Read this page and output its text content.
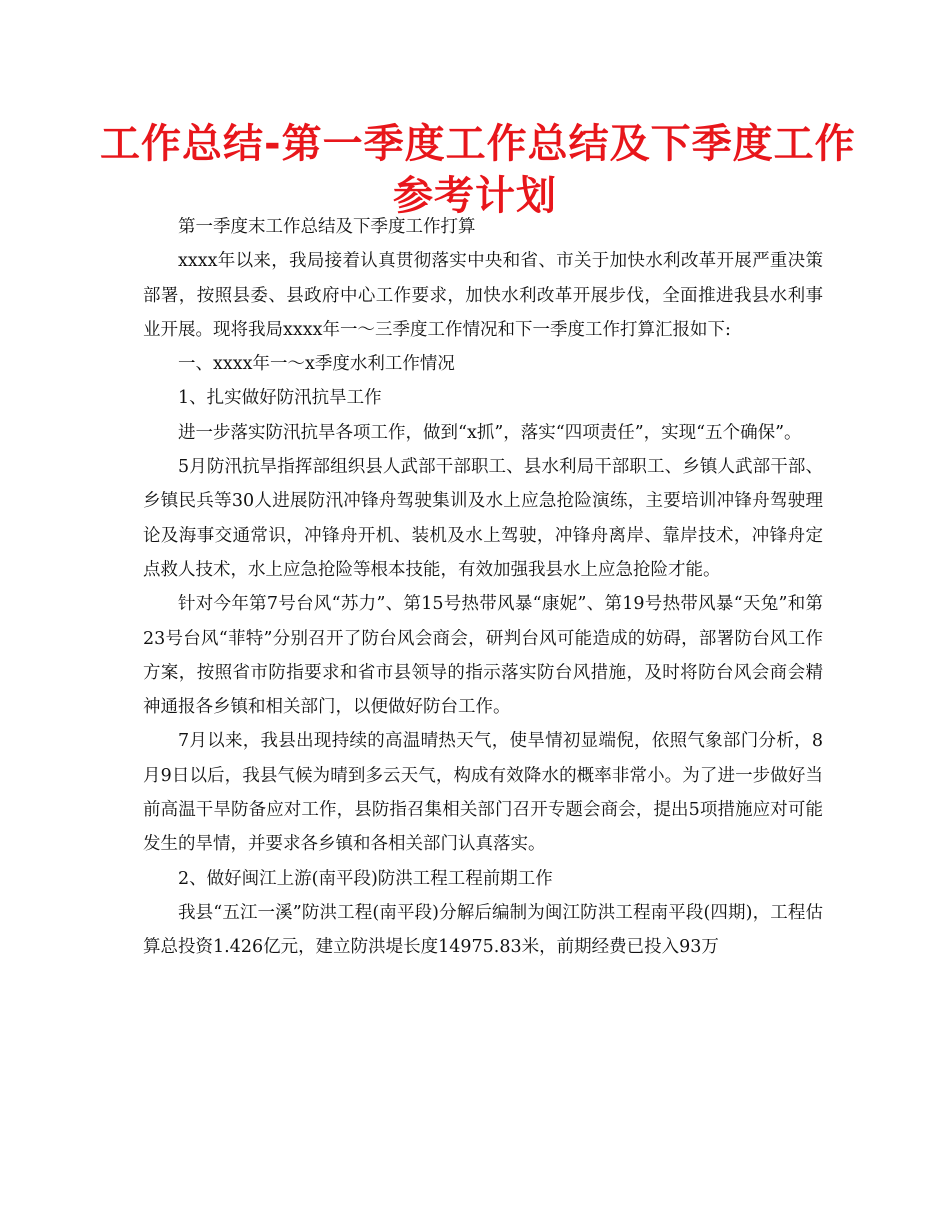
工作总结-第一季度工作总结及下季度工作
参考计划

第一季度末工作总结及下季度工作打算

xxxx年以来，我局接着认真贯彻落实中央和省、市关于加快水利改革开展严重决策部署，按照县委、县政府中心工作要求，加快水利改革开展步伐，全面推进我县水利事业开展。现将我局xxxx年一～三季度工作情况和下一季度工作打算汇报如下:

一、xxxx年一～x季度水利工作情况

1、扎实做好防汛抗旱工作

进一步落实防汛抗旱各项工作，做到“x抓”，落实“四项责任”，实现“五个确保”。

5月防汛抗旱指挥部组织县人武部干部职工、县水利局干部职工、乡镇人武部干部、乡镇民兵等30人进展防汛冲锋舟驾驶集训及水上应急抢险演练，主要培训冲锋舟驾驶理论及海事交通常识，冲锋舟开机、装机及水上驾驶，冲锋舟离岸、靠岸技术，冲锋舟定点救人技术，水上应急抢险等根本技能，有效加强我县水上应急抢险才能。

针对今年第7号台风“苏力”、第15号热带风暴“康妮”、第19号热带风暴“天兔”和第23号台风“菲特”分别召开了防台风会商会，研判台风可能造成的妨碍，部署防台风工作方案，按照省市防指要求和省市县领导的指示落实防台风措施，及时将防台风会商会精神通报各乡镇和相关部门，以便做好防台工作。

7月以来，我县出现持续的高温晴热天气，使旱情初显端倪，依照气象部门分析，8月9日以后，我县气候为晴到多云天气，构成有效降水的概率非常小。为了进一步做好当前高温干旱防备应对工作，县防指召集相关部门召开专题会商会，提出5项措施应对可能发生的旱情，并要求各乡镇和各相关部门认真落实。

2、做好闽江上游(南平段)防洪工程工程前期工作

我县“五江一溪”防洪工程(南平段)分解后编制为闽江防洪工程南平段(四期)，工程估算总投资1.426亿元，建立防洪堤长度14975.83米，前期经费已投入93万
